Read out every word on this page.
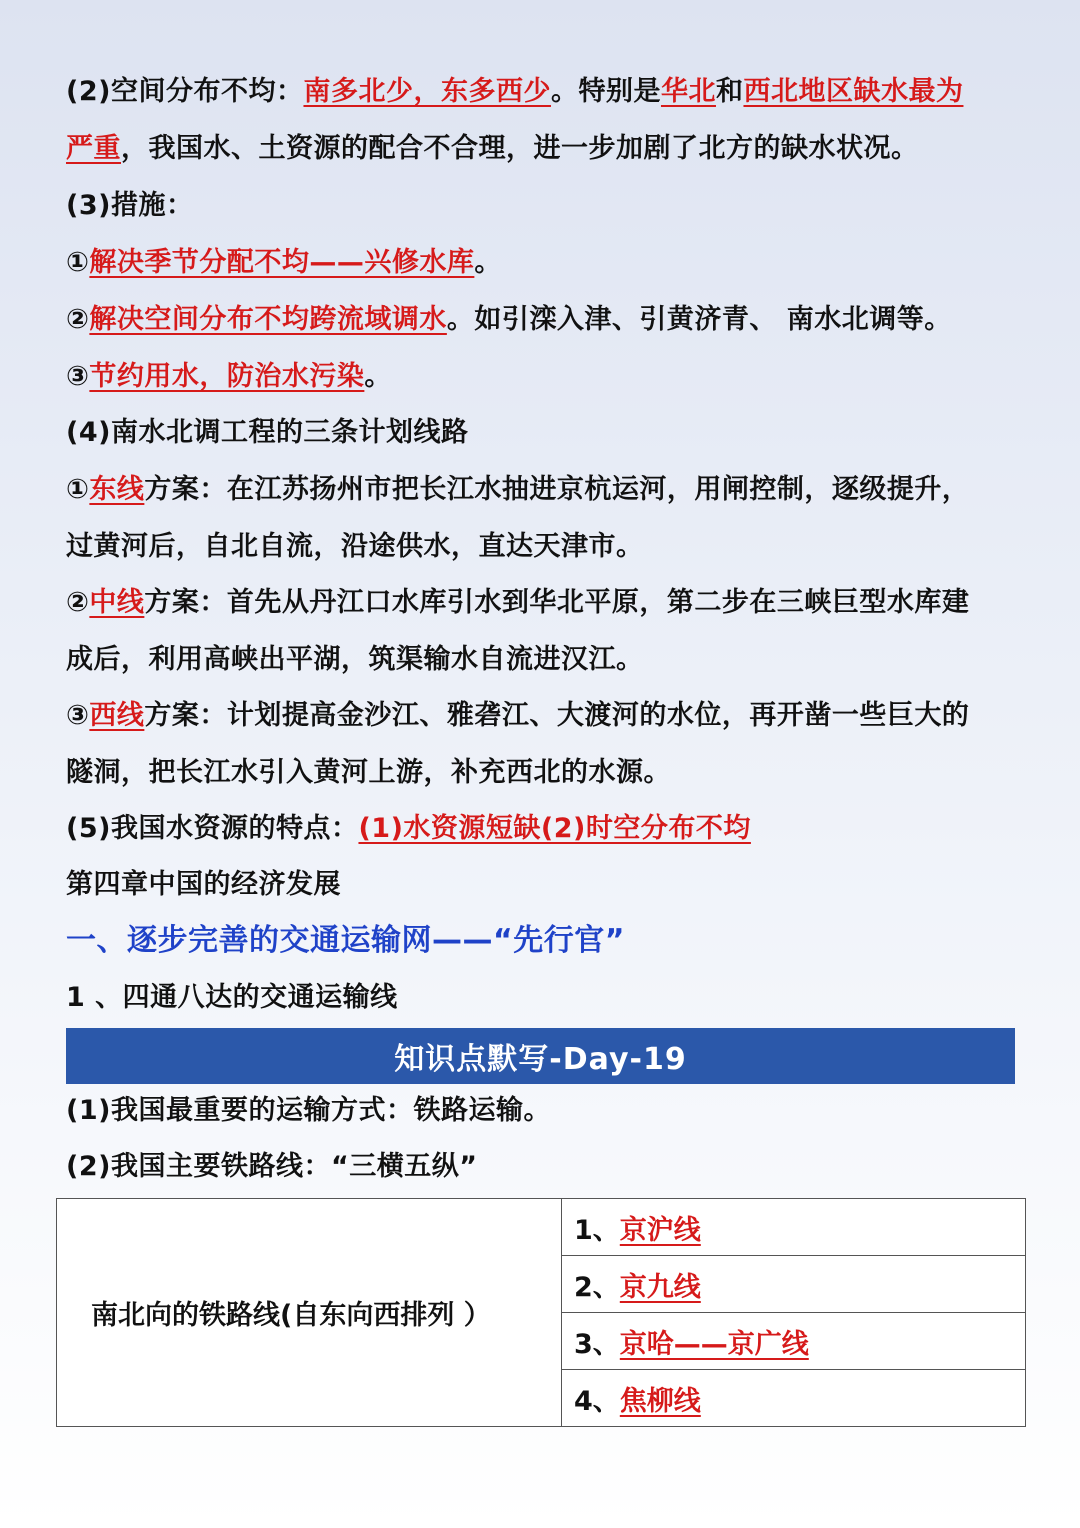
(2)空间分布不均：南多北少，东多西少。特别是华北和西北地区缺水最为
严重，我国水、土资源的配合不合理，进一步加剧了北方的缺水状况。
(3)措施：
①解决季节分配不均——兴修水库。
②解决空间分布不均跨流域调水。如引滦入津、引黄济青、 南水北调等。
③节约用水，防治水污染。
(4)南水北调工程的三条计划线路
①东线方案：在江苏扬州市把长江水抽进京杭运河，用闸控制，逐级提升，
过黄河后，自北自流，沿途供水，直达天津市。
②中线方案：首先从丹江口水库引水到华北平原，第二步在三峡巨型水库建
成后，利用高峡出平湖，筑渠输水自流进汉江。
③西线方案：计划提高金沙江、雅砻江、大渡河的水位，再开凿一些巨大的
隧洞，把长江水引入黄河上游，补充西北的水源。
(5)我国水资源的特点：(1)水资源短缺(2)时空分布不均
第四章中国的经济发展
一、逐步完善的交通运输网——“先行官”
1 、四通八达的交通运输线
(1)我国最重要的运输方式：铁路运输。
(2)我国主要铁路线：“三横五纵”
知识点默写-Day-19
南北向的铁路线(自东向西排列 ）	1、京沪线
2、京九线
3、京哈——京广线
4、焦柳线
